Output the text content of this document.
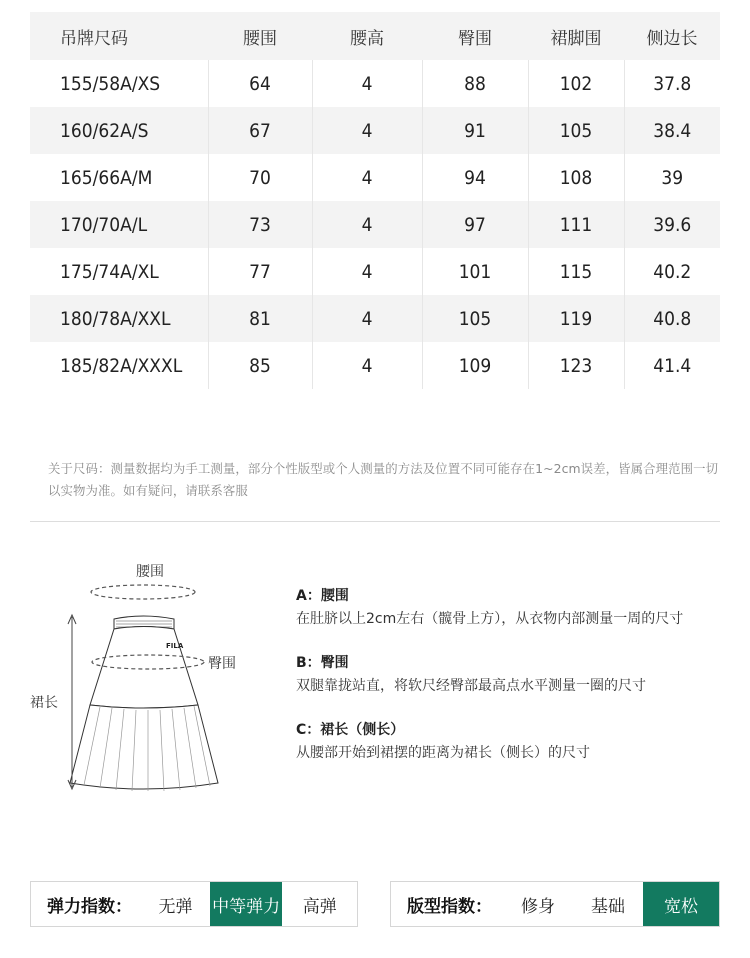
吊牌尺码	腰围	腰高	臀围	裙脚围	侧边长
155/58A/XS	64	4	88	102	37.8
160/62A/S	67	4	91	105	38.4
165/66A/M	70	4	94	108	39
170/70A/L	73	4	97	111	39.6
175/74A/XL	77	4	101	115	40.2
180/78A/XXL	81	4	105	119	40.8
185/82A/XXXL	85	4	109	123	41.4

关于尺码：测量数据均为手工测量，部分个性版型或个人测量的方法及位置不同可能存在1~2cm误差，皆属合理范围一切以实物为准。如有疑问，请联系客服

FILA
腰围
臀围
裙长

A：腰围

在肚脐以上2cm左右（髋骨上方），从衣物内部测量一周的尺寸

B：臀围

双腿靠拢站直，将软尺经臀部最高点水平测量一圈的尺寸

C：裙长（侧长）

从腰部开始到裙摆的距离为裙长（侧长）的尺寸

弹力指数：	无弹	中等弹力	高弹	版型指数：	修身	基础	宽松
